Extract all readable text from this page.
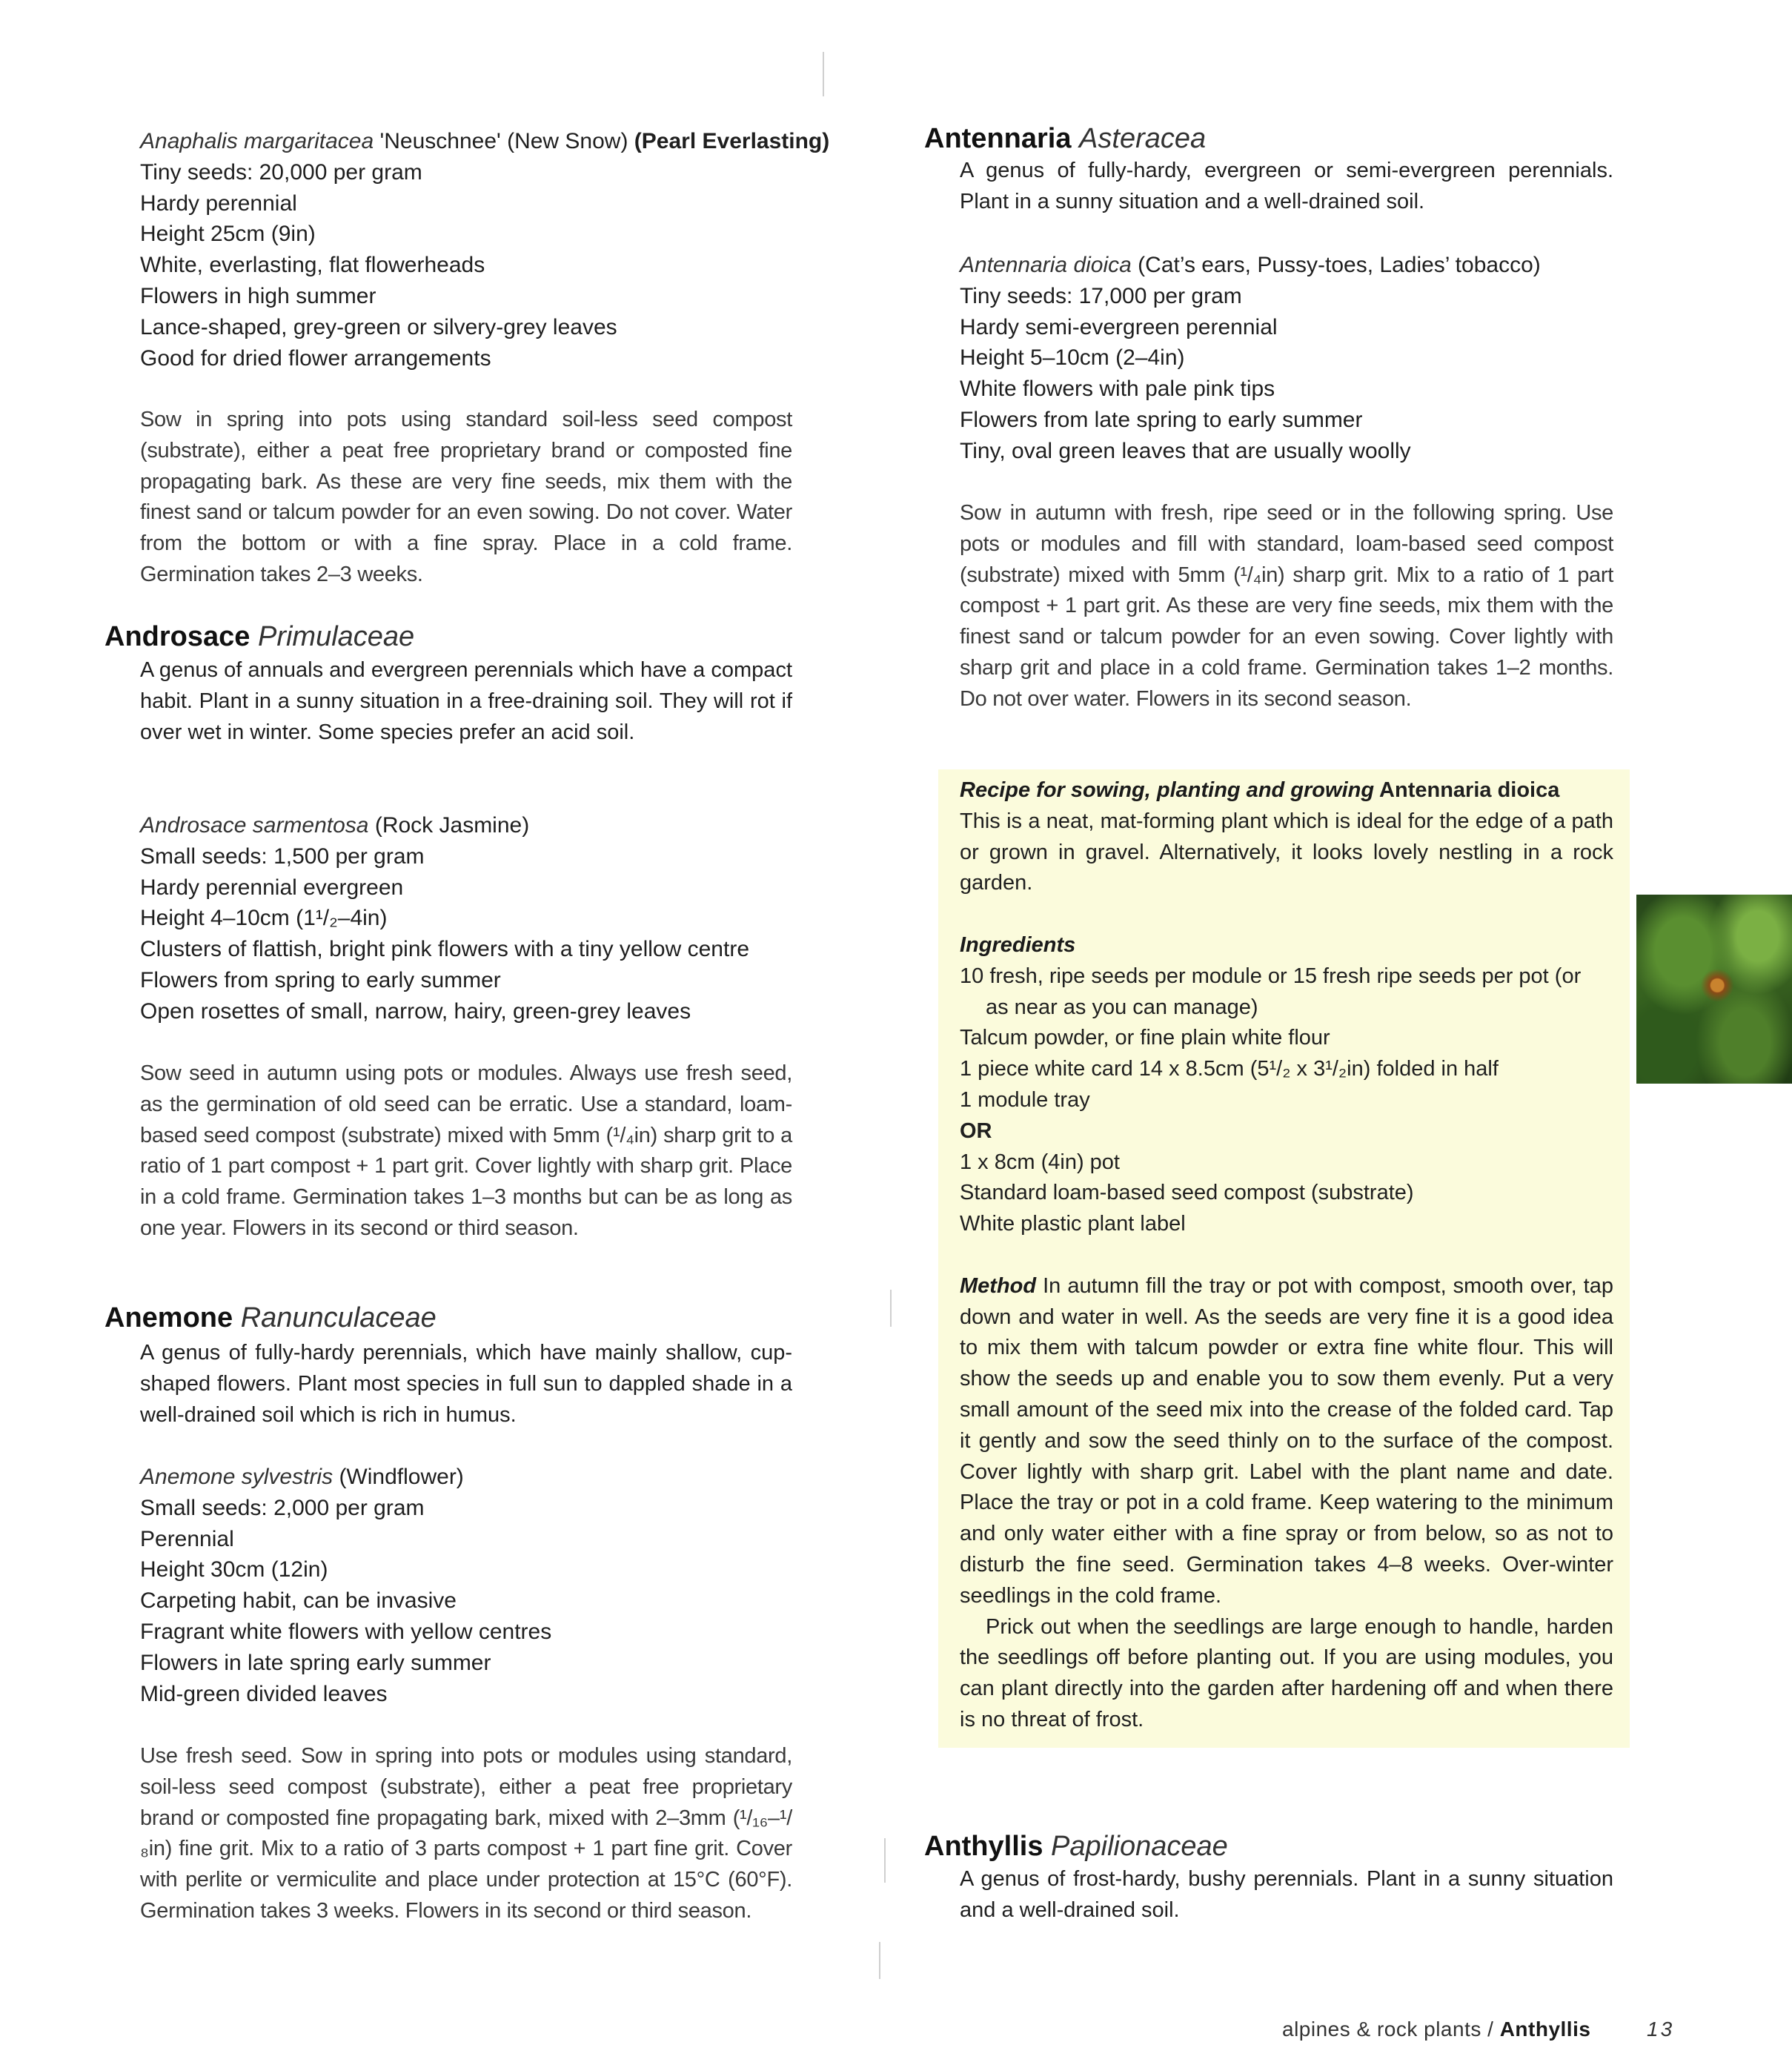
Anaphalis margaritacea 'Neuschnee' (New Snow) (Pearl Everlasting)
Tiny seeds: 20,000 per gram
Hardy perennial
Height 25cm (9in)
White, everlasting, flat flowerheads
Flowers in high summer
Lance-shaped, grey-green or silvery-grey leaves
Good for dried flower arrangements

Sow in spring into pots using standard soil-less seed compost (substrate), either a peat free proprietary brand or composted fine propagating bark. As these are very fine seeds, mix them with the finest sand or talcum powder for an even sowing. Do not cover. Water from the bottom or with a fine spray. Place in a cold frame. Germination takes 2–3 weeks.

Androsace Primulaceae

A genus of annuals and evergreen perennials which have a compact habit. Plant in a sunny situation in a free-draining soil. They will rot if over wet in winter. Some species prefer an acid soil.

Androsace sarmentosa (Rock Jasmine)
Small seeds: 1,500 per gram
Hardy perennial evergreen
Height 4–10cm (1¹/₂–4in)
Clusters of flattish, bright pink flowers with a tiny yellow centre
Flowers from spring to early summer
Open rosettes of small, narrow, hairy, green-grey leaves

Sow seed in autumn using pots or modules. Always use fresh seed, as the germination of old seed can be erratic. Use a standard, loam-based seed compost (substrate) mixed with 5mm (¹/₄in) sharp grit to a ratio of 1 part compost + 1 part grit. Cover lightly with sharp grit. Place in a cold frame. Germination takes 1–3 months but can be as long as one year. Flowers in its second or third season.

Anemone Ranunculaceae

A genus of fully-hardy perennials, which have mainly shallow, cup-shaped flowers. Plant most species in full sun to dappled shade in a well-drained soil which is rich in humus.

Anemone sylvestris (Windflower)
Small seeds: 2,000 per gram
Perennial
Height 30cm (12in)
Carpeting habit, can be invasive
Fragrant white flowers with yellow centres
Flowers in late spring early summer
Mid-green divided leaves

Use fresh seed. Sow in spring into pots or modules using standard, soil-less seed compost (substrate), either a peat free proprietary brand or composted fine propagating bark, mixed with 2–3mm (¹/₁₆–¹/₈in) fine grit. Mix to a ratio of 3 parts compost + 1 part fine grit. Cover with perlite or vermiculite and place under protection at 15°C (60°F). Germination takes 3 weeks. Flowers in its second or third season.

Antennaria Asteracea

A genus of fully-hardy, evergreen or semi-evergreen perennials. Plant in a sunny situation and a well-drained soil.

Antennaria dioica (Cat’s ears, Pussy-toes, Ladies’ tobacco)
Tiny seeds: 17,000 per gram
Hardy semi-evergreen perennial
Height 5–10cm (2–4in)
White flowers with pale pink tips
Flowers from late spring to early summer
Tiny, oval green leaves that are usually woolly

Sow in autumn with fresh, ripe seed or in the following spring. Use pots or modules and fill with standard, loam-based seed compost (substrate) mixed with 5mm (¹/₄in) sharp grit. Mix to a ratio of 1 part compost + 1 part grit. As these are very fine seeds, mix them with the finest sand or talcum powder for an even sowing. Cover lightly with sharp grit and place in a cold frame. Germination takes 1–2 months. Do not over water. Flowers in its second season.

Anthyllis Papilionaceae

A genus of frost-hardy, bushy perennials. Plant in a sunny situation and a well-drained soil.

Recipe for sowing, planting and growing Antennaria dioica

This is a neat, mat-forming plant which is ideal for the edge of a path or grown in gravel. Alternatively, it looks lovely nestling in a rock garden.

Ingredients
10 fresh, ripe seeds per module or 15 fresh ripe seeds per pot (or
as near as you can manage)
Talcum powder, or fine plain white flour
1 piece white card 14 x 8.5cm (5¹/₂ x 3¹/₂in) folded in half
1 module tray
OR
1 x 8cm (4in) pot
Standard loam-based seed compost (substrate)
White plastic plant label

Method In autumn fill the tray or pot with compost, smooth over, tap down and water in well. As the seeds are very fine it is a good idea to mix them with talcum powder or extra fine white flour. This will show the seeds up and enable you to sow them evenly. Put a very small amount of the seed mix into the crease of the folded card. Tap it gently and sow the seed thinly on to the surface of the compost. Cover lightly with sharp grit. Label with the plant name and date. Place the tray or pot in a cold frame. Keep watering to the minimum and only water either with a fine spray or from below, so as not to disturb the fine seed. Germination takes 4–8 weeks. Over-winter seedlings in the cold frame.

Prick out when the seedlings are large enough to handle, harden the seedlings off before planting out. If you are using modules, you can plant directly into the garden after hardening off and when there is no threat of frost.

alpines & rock plants / Anthyllis	13
